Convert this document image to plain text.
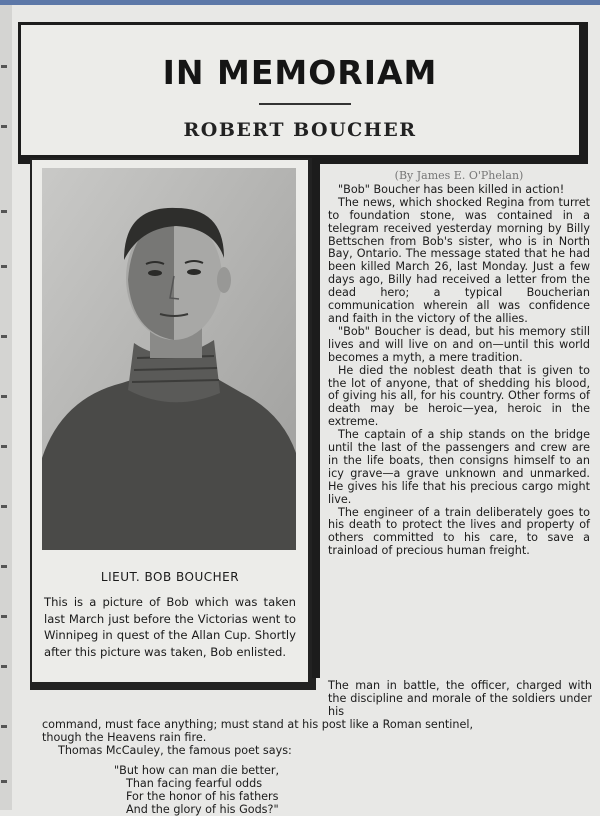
IN MEMORIAM
ROBERT BOUCHER
LIEUT. BOB BOUCHER
This is a picture of Bob which was taken last March just before the Victorias went to Winnipeg in quest of the Allan Cup. Shortly after this picture was taken, Bob enlisted.
(By James E. O'Phelan)

"Bob" Boucher has been killed in action!

The news, which shocked Regina from turret to foundation stone, was contained in a telegram received yesterday morning by Billy Bettschen from Bob's sister, who is in North Bay, Ontario. The message stated that he had been killed March 26, last Monday. Just a few days ago, Billy had received a letter from the dead hero; a typical Boucherian communication wherein all was confidence and faith in the victory of the allies.

"Bob" Boucher is dead, but his memory still lives and will live on and on—until this world becomes a myth, a mere tradition.

He died the noblest death that is given to the lot of anyone, that of shedding his blood, of giving his all, for his country. Other forms of death may be heroic—yea, heroic in the extreme.

The captain of a ship stands on the bridge until the last of the passengers and crew are in the life boats, then consigns himself to an icy grave—a grave unknown and unmarked. He gives his life that his precious cargo might live.

The engineer of a train deliberately goes to his death to protect the lives and property of others committed to his care, to save a trainload of precious human freight.

The man in battle, the officer, charged with the discipline and morale of the soldiers under his
command, must face anything; must stand at his post like a Roman sentinel,
though the Heavens rain fire.
Thomas McCauley, the famous poet says:
"But how can man die better,
Than facing fearful odds
For the honor of his fathers
And the glory of his Gods?"
